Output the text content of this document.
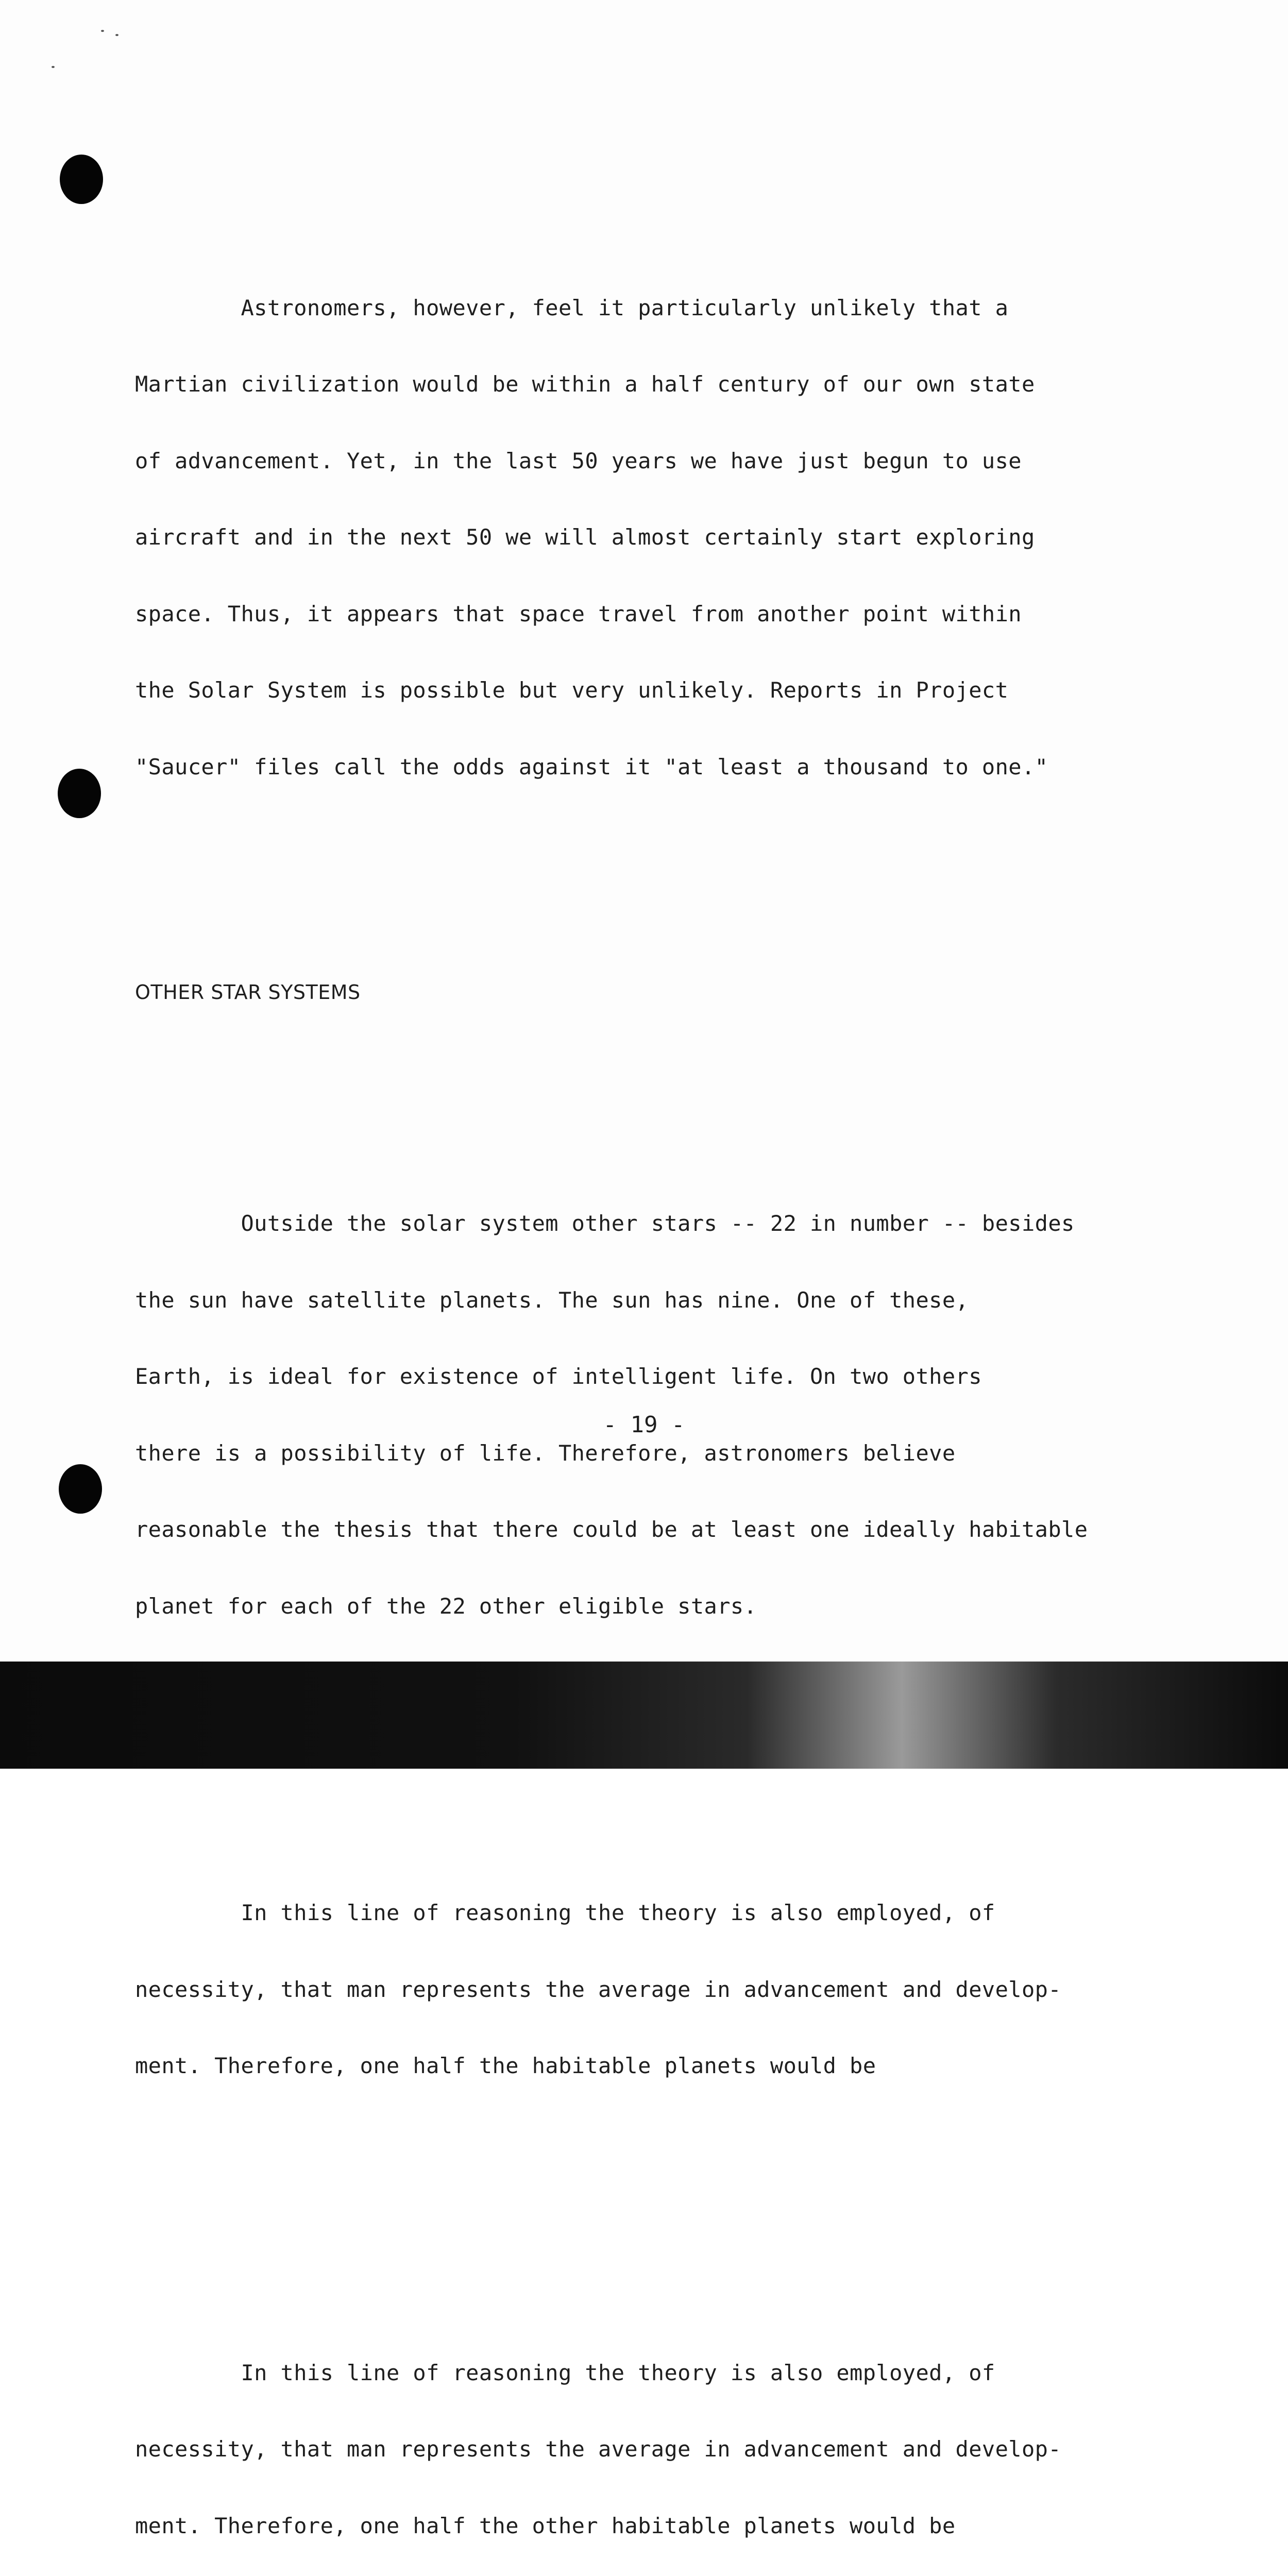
Astronomers, however, feel it particularly unlikely that a

Martian civilization would be within a half century of our own state

of advancement. Yet, in the last 50 years we have just begun to use

aircraft and in the next 50 we will almost certainly start exploring

space. Thus, it appears that space travel from another point within

the Solar System is possible but very unlikely. Reports in Project

"Saucer" files call the odds against it "at least a thousand to one."

OTHER STAR SYSTEMS

Outside the solar system other stars -- 22 in number -- besides

the sun have satellite planets. The sun has nine. One of these,

Earth, is ideal for existence of intelligent life. On two others

there is a possibility of life. Therefore, astronomers believe

reasonable the thesis that there could be at least one ideally habitable

planet for each of the 22 other eligible stars.

In this line of reasoning the theory is also employed, of

necessity, that man represents the average in advancement and develop-

ment. Therefore, one half the habitable planets would be

In this line of reasoning the theory is also employed, of

necessity, that man represents the average in advancement and develop-

ment. Therefore, one half the other habitable planets would be

- 19 -
